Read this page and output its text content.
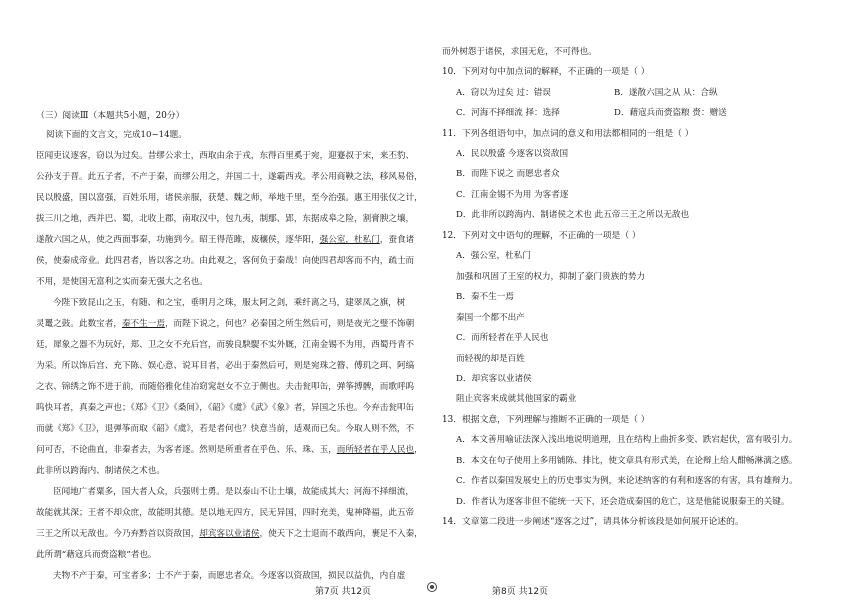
（三）阅读Ⅲ（本题共5小题，20分）
阅读下面的文言文，完成10~14题。
臣闻吏议逐客，窃以为过矣。昔缪公求士，西取由余于戎，东得百里奚于宛，迎蹇叔于宋，来丕豹、
公孙支于晋。此五子者，不产于秦，而缪公用之，并国二十，遂霸西戎。孝公用商鞅之法，移风易俗，
民以殷盛，国以富强，百姓乐用，诸侯亲服，获楚、魏之师，举地千里，至今治强。惠王用张仪之计，
拔三川之地，西并巴、蜀，北收上郡，南取汉中，包九夷，制鄢、郢，东据成皋之险，割膏腴之壤，
遂散六国之从，使之西面事秦，功施到今。昭王得范雎，废穰侯，逐华阳，强公室，杜私门，蚕食诸
侯，使秦成帝业。此四君者，皆以客之功。由此观之，客何负于秦哉！向使四君却客而不内，疏士而
不用，是使国无富利之实而秦无强大之名也。
今陛下致昆山之玉，有随、和之宝，垂明月之珠，服太阿之剑，乘纤离之马，建翠凤之旗，树
灵鼍之鼓。此数宝者，秦不生一焉，而陛下说之，何也？必秦国之所生然后可，则是夜光之璧不饰朝
廷，犀象之器不为玩好，郑、卫之女不充后宫，而骏良駃騠不实外厩，江南金锡不为用，西蜀丹青不
为采。所以饰后宫、充下陈、娱心意、说耳目者，必出于秦然后可，则是宛珠之簪、傅玑之珥、阿缟
之衣、锦绣之饰不进于前，而随俗雅化佳冶窈窕赵女不立于侧也。夫击瓮叩缶，弹筝搏髀，而歌呼呜
呜快耳者，真秦之声也；《郑》《卫》《桑间》，《韶》《虞》《武》《象》者，异国之乐也。今弃击瓮叩缶
而就《郑》《卫》，退弹筝而取《韶》《虞》，若是者何也？快意当前，适观而已矣。今取人则不然，不
问可否，不论曲直，非秦者去，为客者逐。然则是所重者在乎色、乐、珠、玉，而所轻者在乎人民也，
此非所以跨海内、制诸侯之术也。
臣闻地广者粟多，国大者人众，兵强则士勇。是以泰山不让土壤，故能成其大；河海不择细流，
故能就其深；王者不却众庶，故能明其德。是以地无四方，民无异国，四时充美，鬼神降福，此五帝
三王之所以无敌也。今乃弃黔首以资敌国，却宾客以业诸侯，使天下之士退而不敢西向，裹足不入秦，
此所谓“藉寇兵而赍盗粮”者也。
夫物不产于秦，可宝者多；士不产于秦，而愿忠者众。今逐客以资敌国，损民以益仇，内自虚
第7页 共12页
而外树怨于诸侯，求国无危，不可得也。
10．下列对句中加点词的解释，不正确的一项是（ ）
A．窃以为过矣 过：错误	B．遂散六国之从 从：合纵
C．河海不择细流 择：选择	D．藉寇兵而赍盗粮 赍：赠送
11．下列各组语句中，加点词的意义和用法都相同的一组是（ ）
A．民以殷盛 今逐客以资敌国
B．而陛下说之 而愿忠者众
C．江南金锡不为用 为客者逐
D．此非所以跨海内、制诸侯之术也 此五帝三王之所以无敌也
12．下列对文中语句的理解，不正确的一项是（ ）
A．强公室，杜私门
加强和巩固了王室的权力，抑制了豪门贵族的势力
B．秦不生一焉
秦国一个都不出产
C．而所轻者在乎人民也
而轻视的却是百姓
D．却宾客以业诸侯
阻止宾客来成就其他国家的霸业
13．根据文意，下列理解与推断不正确的一项是（ ）
A．本文善用喻证法深入浅出地说明道理，且在结构上曲折多变、跌宕起伏，富有吸引力。
B．本文在句子使用上多用铺陈、排比，使文章具有形式美，在论辩上给人酣畅淋漓之感。
C．作者以秦国发展史上的历史事实为例，来论述纳客的有利和逐客的有害，具有雄辩力。
D．作者认为逐客非但不能统一天下，还会造成秦国的危亡，这是他能说服秦王的关键。
14．文章第二段进一步阐述“逐客之过”，请具体分析该段是如何展开论述的。
第8页 共12页
